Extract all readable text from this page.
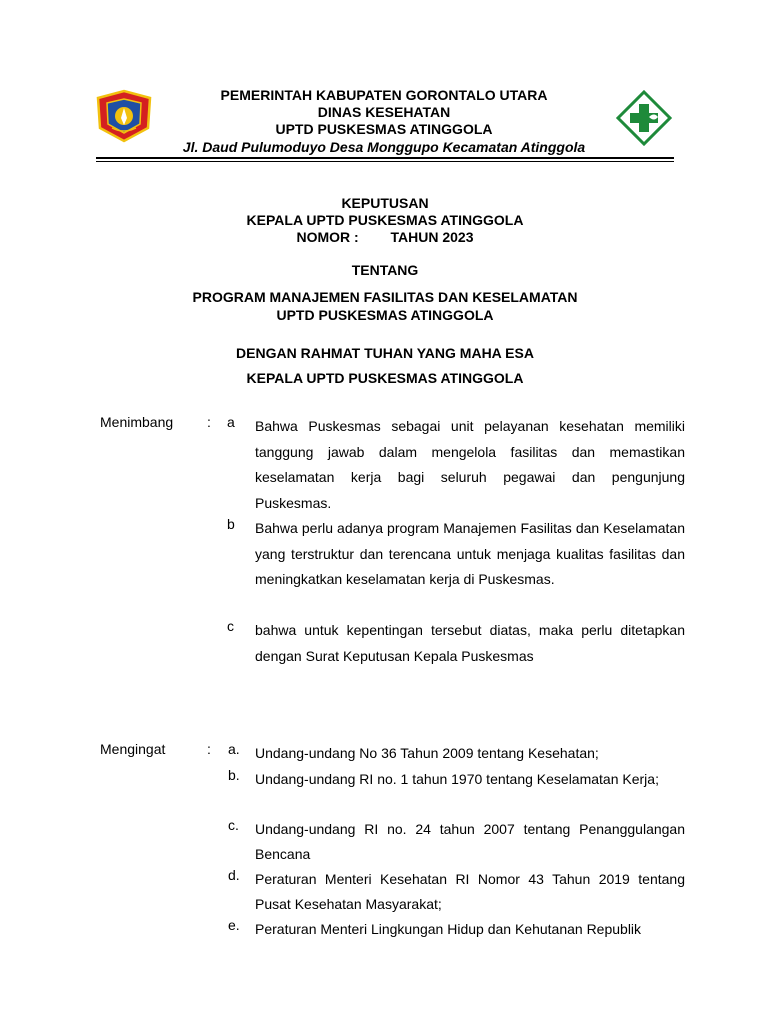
PEMERINTAH KABUPATEN GORONTALO UTARA
DINAS KESEHATAN
UPTD PUSKESMAS ATINGGOLA
Jl. Daud Pulumoduyo Desa Monggupo Kecamatan Atinggola
KEPUTUSAN
KEPALA UPTD PUSKESMAS ATINGGOLA
NOMOR : TAHUN 2023
TENTANG
PROGRAM MANAJEMEN FASILITAS DAN KESELAMATAN
UPTD PUSKESMAS ATINGGOLA
DENGAN RAHMAT TUHAN YANG MAHA ESA
KEPALA UPTD PUSKESMAS ATINGGOLA
Menimbang : a Bahwa Puskesmas sebagai unit pelayanan kesehatan memiliki tanggung jawab dalam mengelola fasilitas dan memastikan keselamatan kerja bagi seluruh pegawai dan pengunjung Puskesmas.
b Bahwa perlu adanya program Manajemen Fasilitas dan Keselamatan yang terstruktur dan terencana untuk menjaga kualitas fasilitas dan meningkatkan keselamatan kerja di Puskesmas.
c bahwa untuk kepentingan tersebut diatas, maka perlu ditetapkan dengan Surat Keputusan Kepala Puskesmas
Mengingat	: a. Undang-undang No 36 Tahun 2009 tentang Kesehatan;
b. Undang-undang RI no. 1 tahun 1970 tentang Keselamatan Kerja;
c. Undang-undang RI no. 24 tahun 2007 tentang Penanggulangan Bencana
d. Peraturan Menteri Kesehatan RI Nomor 43 Tahun 2019 tentang Pusat Kesehatan Masyarakat;
e. Peraturan Menteri Lingkungan Hidup dan Kehutanan Republik
